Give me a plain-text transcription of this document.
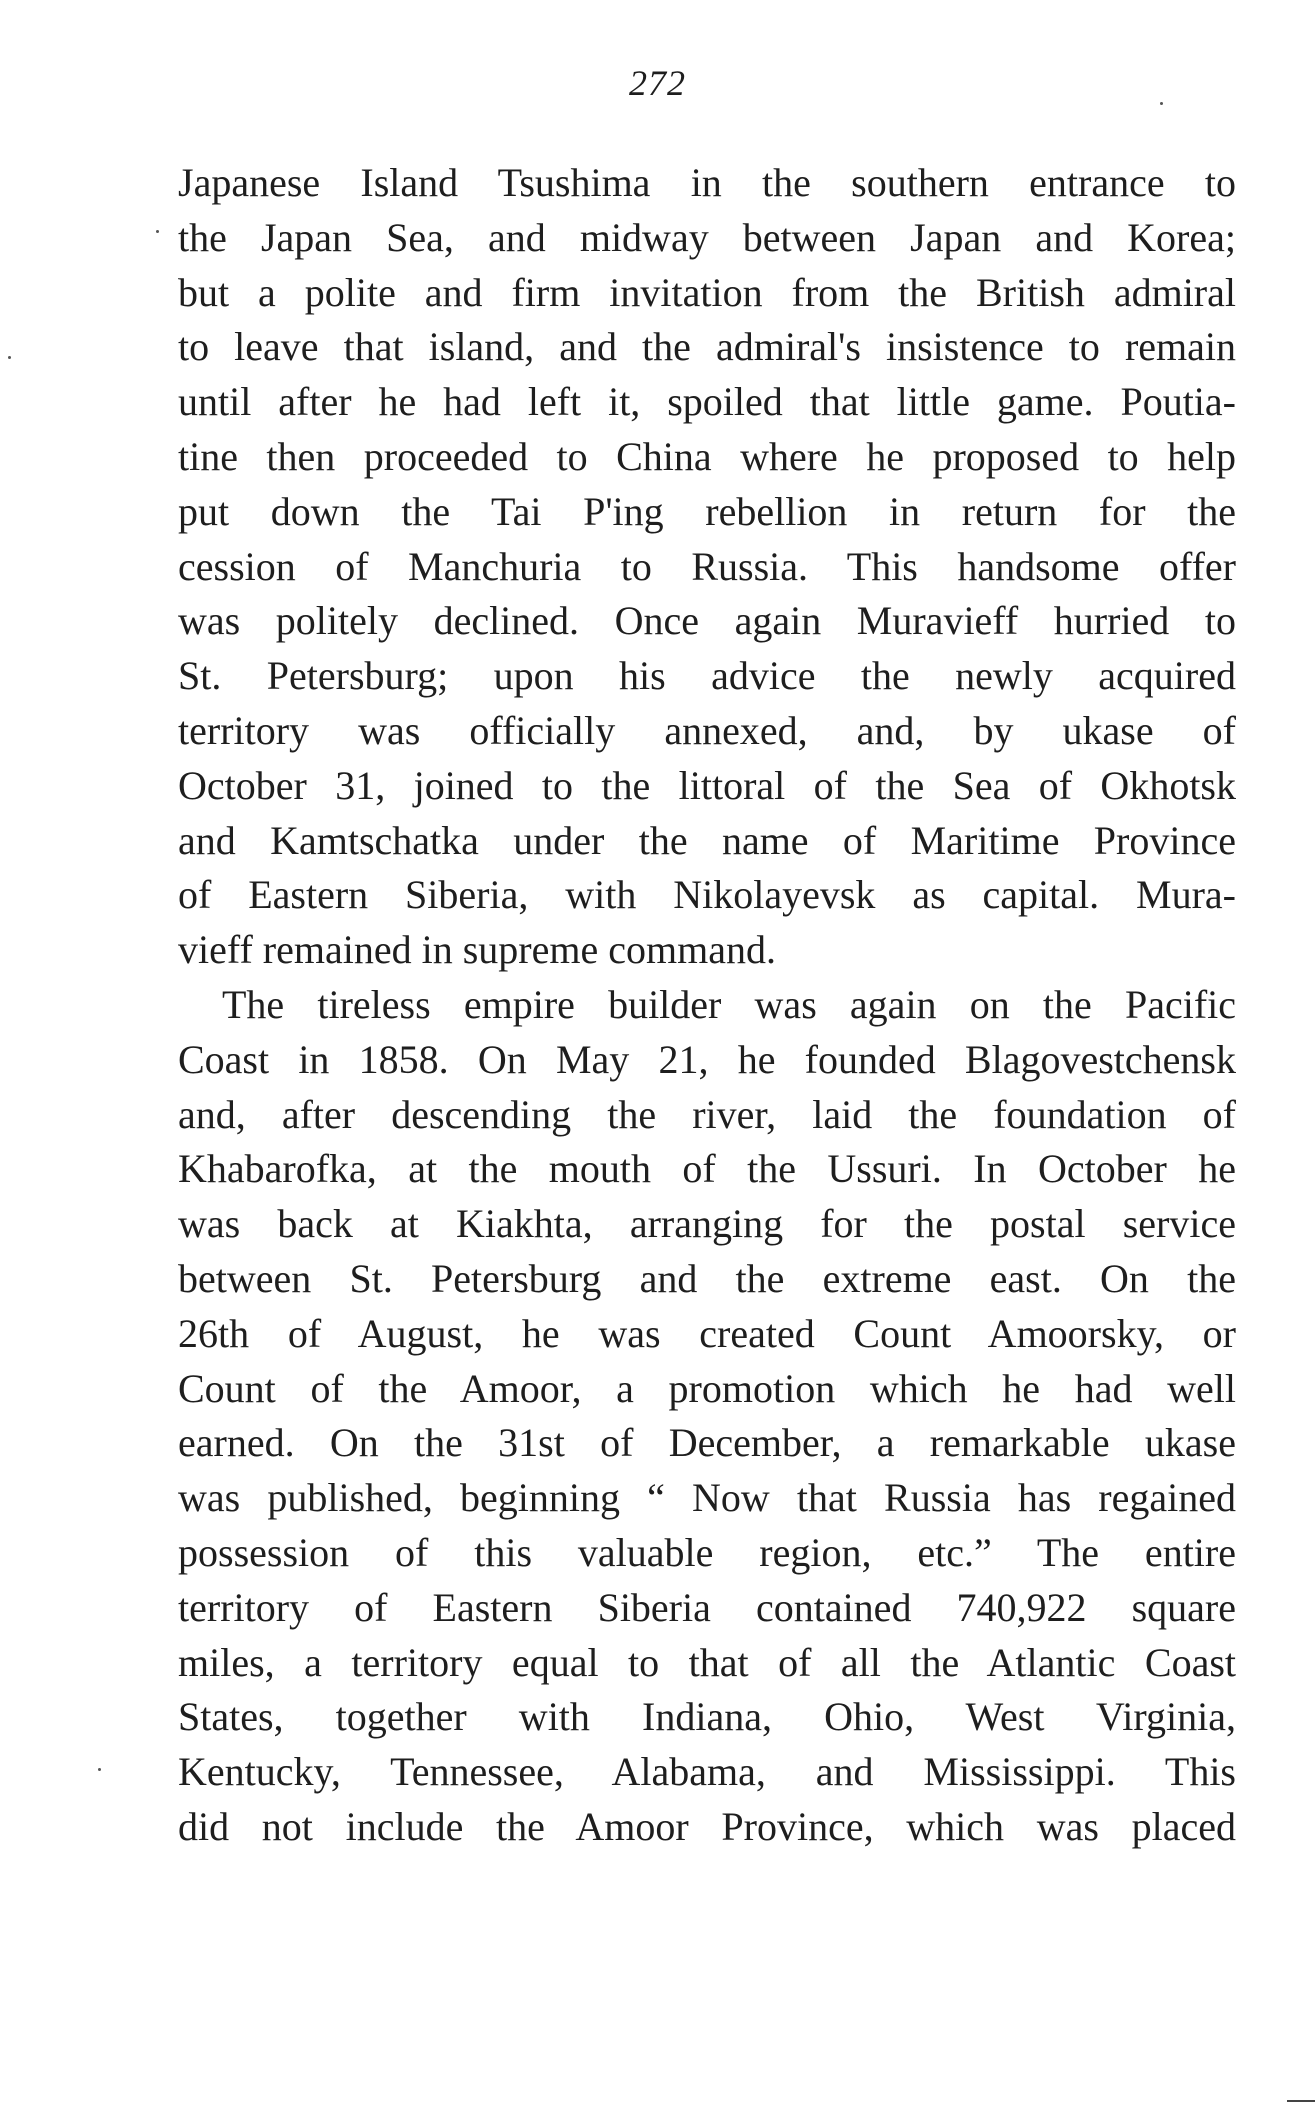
272

Japanese Island Tsushima in the southern entrance to
the Japan Sea, and midway between Japan and Korea;
but a polite and firm invitation from the British admiral
to leave that island, and the admiral's insistence to remain
until after he had left it, spoiled that little game. Poutia-
tine then proceeded to China where he proposed to help
put down the Tai P'ing rebellion in return for the
cession of Manchuria to Russia. This handsome offer
was politely declined. Once again Muravieff hurried to
St. Petersburg; upon his advice the newly acquired
territory was officially annexed, and, by ukase of
October 31, joined to the littoral of the Sea of Okhotsk
and Kamtschatka under the name of Maritime Province
of Eastern Siberia, with Nikolayevsk as capital. Mura-
vieff remained in supreme command.

The tireless empire builder was again on the Pacific
Coast in 1858. On May 21, he founded Blagovestchensk
and, after descending the river, laid the foundation of
Khabarofka, at the mouth of the Ussuri. In October he
was back at Kiakhta, arranging for the postal service
between St. Petersburg and the extreme east. On the
26th of August, he was created Count Amoorsky, or
Count of the Amoor, a promotion which he had well
earned. On the 31st of December, a remarkable ukase
was published, beginning “ Now that Russia has regained
possession of this valuable region, etc.” The entire
territory of Eastern Siberia contained 740,922 square
miles, a territory equal to that of all the Atlantic Coast
States, together with Indiana, Ohio, West Virginia,
Kentucky, Tennessee, Alabama, and Mississippi. This
did not include the Amoor Province, which was placed
